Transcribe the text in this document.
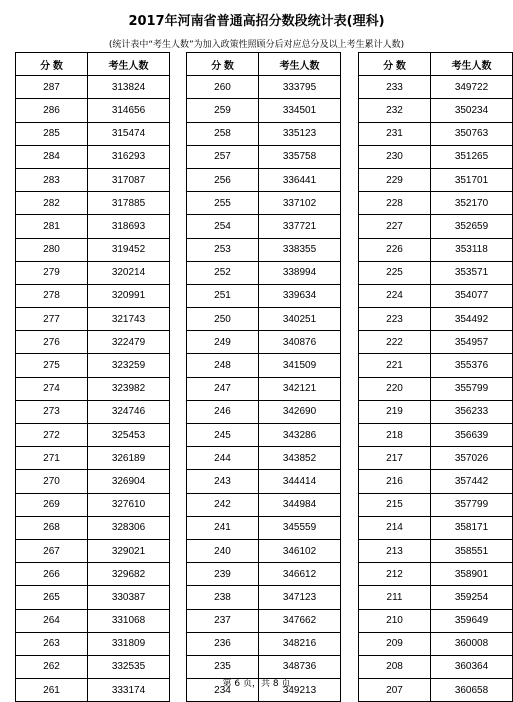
2017年河南省普通高招分数段统计表(理科)
(统计表中“考生人数”为加入政策性照顾分后对应总分及以上考生累计人数)
分 数	考生人数
287	313824
286	314656
285	315474
284	316293
283	317087
282	317885
281	318693
280	319452
279	320214
278	320991
277	321743
276	322479
275	323259
274	323982
273	324746
272	325453
271	326189
270	326904
269	327610
268	328306
267	329021
266	329682
265	330387
264	331068
263	331809
262	332535
261	333174
分 数	考生人数
260	333795
259	334501
258	335123
257	335758
256	336441
255	337102
254	337721
253	338355
252	338994
251	339634
250	340251
249	340876
248	341509
247	342121
246	342690
245	343286
244	343852
243	344414
242	344984
241	345559
240	346102
239	346612
238	347123
237	347662
236	348216
235	348736
234	349213
分 数	考生人数
233	349722
232	350234
231	350763
230	351265
229	351701
228	352170
227	352659
226	353118
225	353571
224	354077
223	354492
222	354957
221	355376
220	355799
219	356233
218	356639
217	357026
216	357442
215	357799
214	358171
213	358551
212	358901
211	359254
210	359649
209	360008
208	360364
207	360658
第 6 页，共 8 页
